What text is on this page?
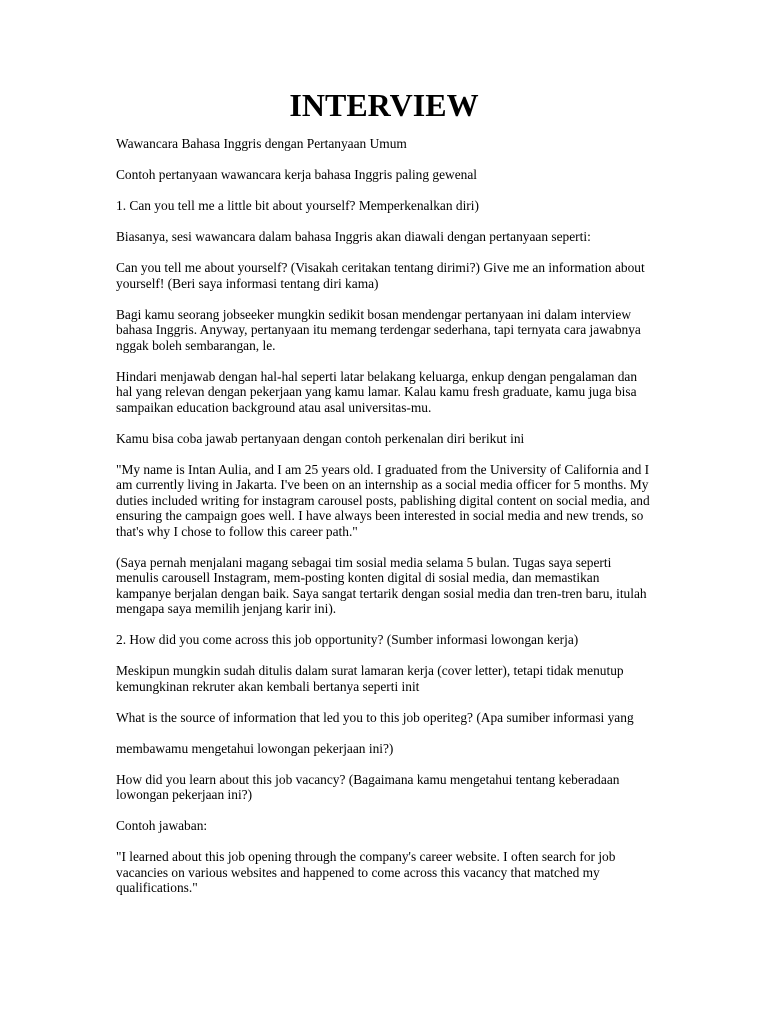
INTERVIEW

Wawancara Bahasa Inggris dengan Pertanyaan Umum

Contoh pertanyaan wawancara kerja bahasa Inggris paling gewenal

1. Can you tell me a little bit about yourself? Memperkenalkan diri)

Biasanya, sesi wawancara dalam bahasa Inggris akan diawali dengan pertanyaan seperti:

Can you tell me about yourself? (Visakah ceritakan tentang dirimi?) Give me an information about yourself! (Beri saya informasi tentang diri kama)

Bagi kamu seorang jobseeker mungkin sedikit bosan mendengar pertanyaan ini dalam interview bahasa Inggris. Anyway, pertanyaan itu memang terdengar sederhana, tapi ternyata cara jawabnya nggak boleh sembarangan, le.

Hindari menjawab dengan hal-hal seperti latar belakang keluarga, enkup dengan pengalaman dan hal yang relevan dengan pekerjaan yang kamu lamar. Kalau kamu fresh graduate, kamu juga bisa sampaikan education background atau asal universitas-mu.

Kamu bisa coba jawab pertanyaan dengan contoh perkenalan diri berikut ini

"My name is Intan Aulia, and I am 25 years old. I graduated from the University of California and I am currently living in Jakarta. I've been on an internship as a social media officer for 5 months. My duties included writing for instagram carousel posts, pablishing digital content on social media, and ensuring the campaign goes well. I have always been interested in social media and new trends, so that's why I chose to follow this career path."

(Saya pernah menjalani magang sebagai tim sosial media selama 5 bulan. Tugas saya seperti menulis carousell Instagram, mem-posting konten digital di sosial media, dan memastikan kampanye berjalan dengan baik. Saya sangat tertarik dengan sosial media dan tren-tren baru, itulah mengapa saya memilih jenjang karir ini).

2. How did you come across this job opportunity? (Sumber informasi lowongan kerja)

Meskipun mungkin sudah ditulis dalam surat lamaran kerja (cover letter), tetapi tidak menutup kemungkinan rekruter akan kembali bertanya seperti init

What is the source of information that led you to this job operiteg? (Apa sumiber informasi yang

membawamu mengetahui lowongan pekerjaan ini?)

How did you learn about this job vacancy? (Bagaimana kamu mengetahui tentang keberadaan lowongan pekerjaan ini?)

Contoh jawaban:

"I learned about this job opening through the company's career website. I often search for job vacancies on various websites and happened to come across this vacancy that matched my qualifications."
